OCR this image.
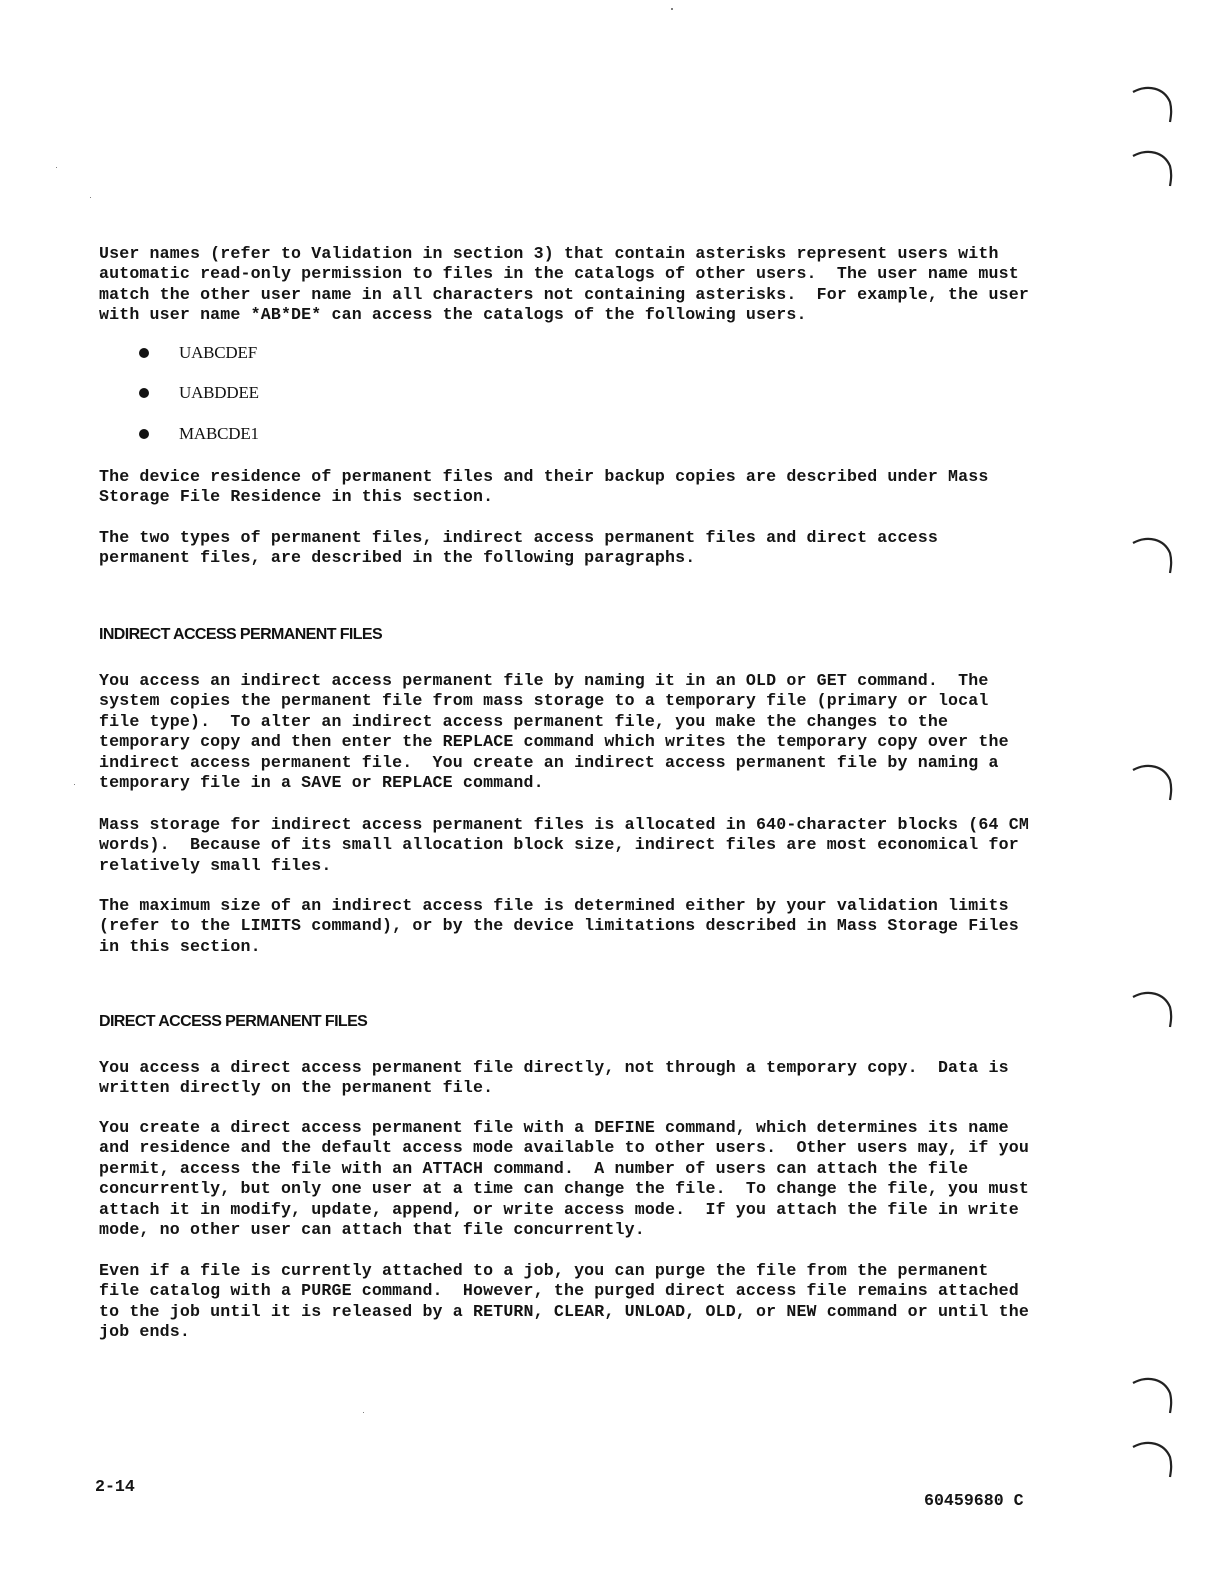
User names (refer to Validation in section 3) that contain asterisks represent users with
automatic read-only permission to files in the catalogs of other users.  The user name must
match the other user name in all characters not containing asterisks.  For example, the user
with user name *AB*DE* can access the catalogs of the following users.

UABCDEF
UABDDEE
MABCDE1

The device residence of permanent files and their backup copies are described under Mass
Storage File Residence in this section.

The two types of permanent files, indirect access permanent files and direct access
permanent files, are described in the following paragraphs.

INDIRECT ACCESS PERMANENT FILES

You access an indirect access permanent file by naming it in an OLD or GET command.  The
system copies the permanent file from mass storage to a temporary file (primary or local
file type).  To alter an indirect access permanent file, you make the changes to the
temporary copy and then enter the REPLACE command which writes the temporary copy over the
indirect access permanent file.  You create an indirect access permanent file by naming a
temporary file in a SAVE or REPLACE command.

Mass storage for indirect access permanent files is allocated in 640-character blocks (64 CM
words).  Because of its small allocation block size, indirect files are most economical for
relatively small files.

The maximum size of an indirect access file is determined either by your validation limits
(refer to the LIMITS command), or by the device limitations described in Mass Storage Files
in this section.

DIRECT ACCESS PERMANENT FILES

You access a direct access permanent file directly, not through a temporary copy.  Data is
written directly on the permanent file.

You create a direct access permanent file with a DEFINE command, which determines its name
and residence and the default access mode available to other users.  Other users may, if you
permit, access the file with an ATTACH command.  A number of users can attach the file
concurrently, but only one user at a time can change the file.  To change the file, you must
attach it in modify, update, append, or write access mode.  If you attach the file in write
mode, no other user can attach that file concurrently.

Even if a file is currently attached to a job, you can purge the file from the permanent
file catalog with a PURGE command.  However, the purged direct access file remains attached
to the job until it is released by a RETURN, CLEAR, UNLOAD, OLD, or NEW command or until the
job ends.

2-14
60459680 C
